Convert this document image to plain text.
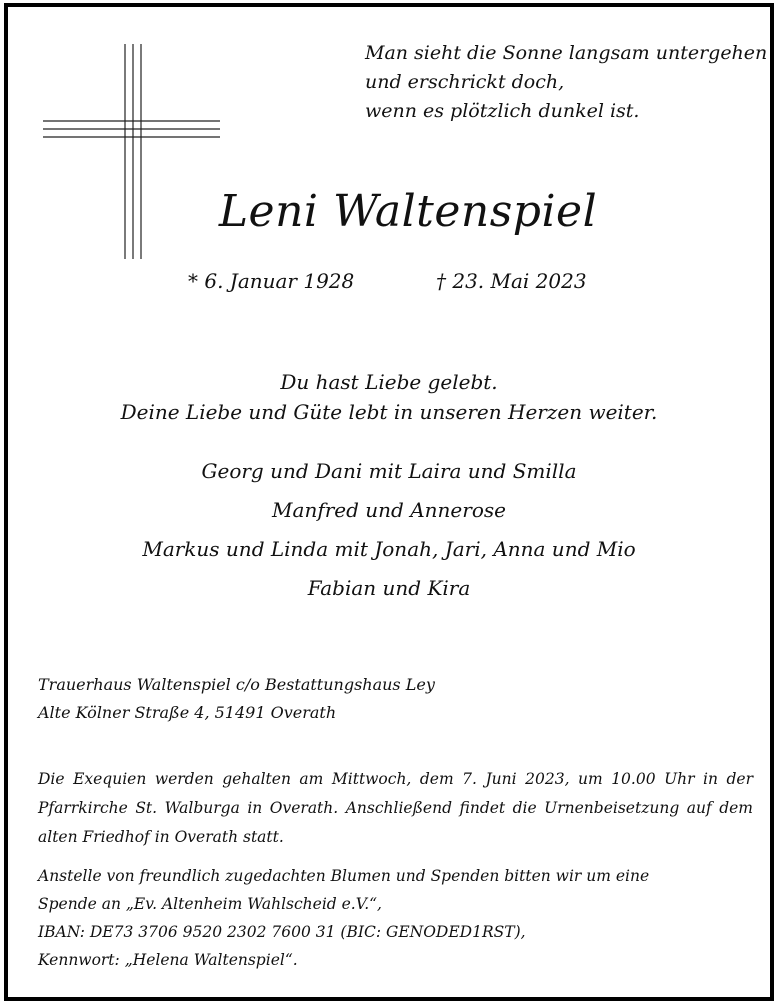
Man sieht die Sonne langsam untergehen
und erschrickt doch,
wenn es plötzlich dunkel ist.
Leni Waltenspiel
* 6. Januar 1928	† 23. Mai 2023
Du hast Liebe gelebt.
Deine Liebe und Güte lebt in unseren Herzen weiter.
Georg und Dani mit Laira und Smilla
Manfred und Annerose
Markus und Linda mit Jonah, Jari, Anna und Mio
Fabian und Kira
Trauerhaus Waltenspiel c/o Bestattungshaus Ley
Alte Kölner Straße 4, 51491 Overath
Die Exequien werden gehalten am Mittwoch, dem 7. Juni 2023, um 10.00 Uhr in der Pfarrkirche St. Walburga in Overath. Anschließend findet die Urnenbeisetzung auf dem alten Friedhof in Overath statt.
Anstelle von freundlich zugedachten Blumen und Spenden bitten wir um eine
Spende an „Ev. Altenheim Wahlscheid e.V.“,
IBAN: DE73 3706 9520 2302 7600 31 (BIC: GENODED1RST),
Kennwort: „Helena Waltenspiel“.
